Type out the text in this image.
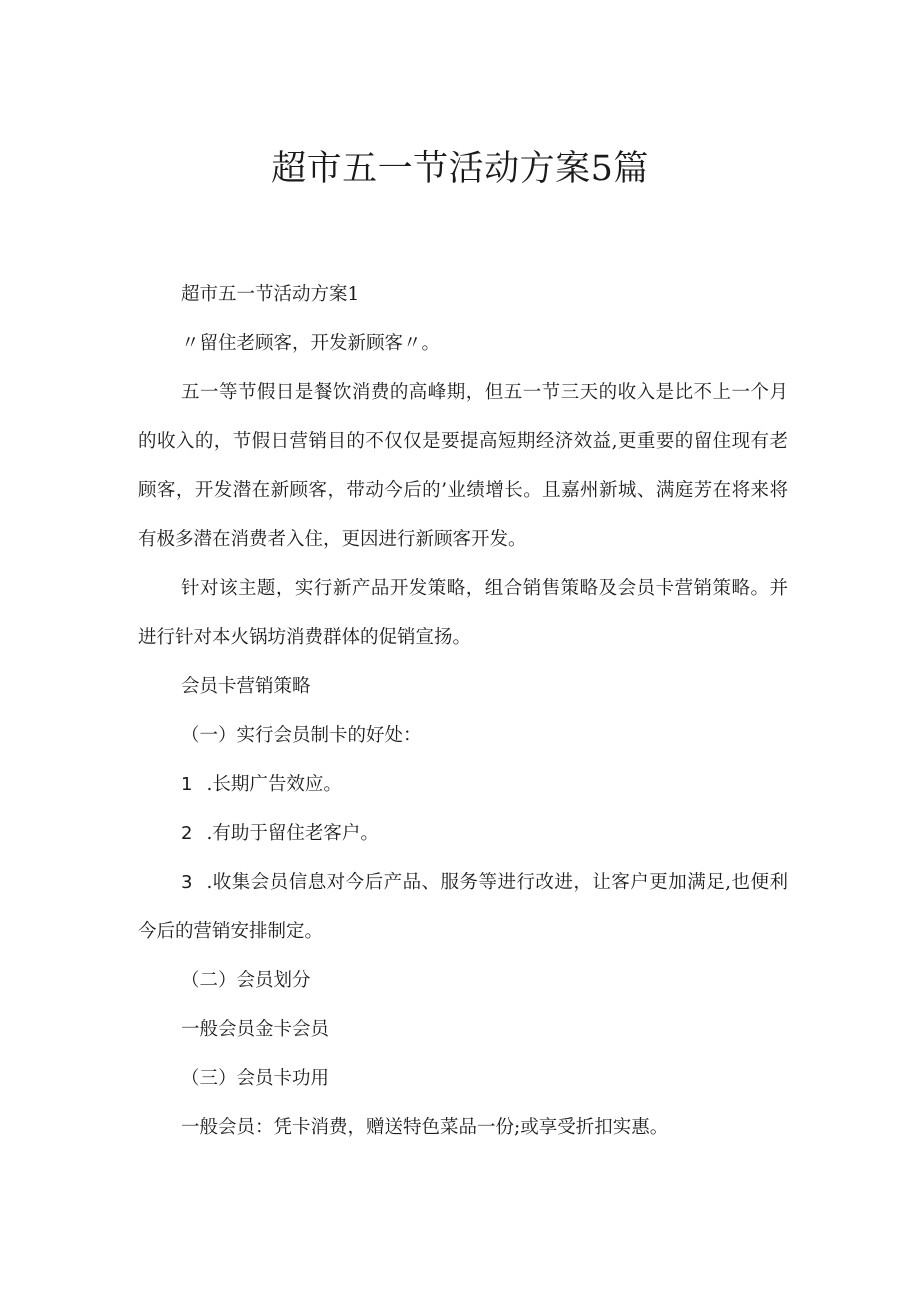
超市五一节活动方案5篇

超市五一节活动方案1

〃留住老顾客，开发新顾客〃。

五一等节假日是餐饮消费的高峰期，但五一节三天的收入是比不上一个月的收入的，节假日营销目的不仅仅是要提高短期经济效益,更重要的留住现有老顾客，开发潜在新顾客，带动今后的’业绩增长。且嘉州新城、满庭芳在将来将有极多潜在消费者入住，更因进行新顾客开发。

针对该主题，实行新产品开发策略，组合销售策略及会员卡营销策略。并进行针对本火锅坊消费群体的促销宣扬。

会员卡营销策略

（一）实行会员制卡的好处：

1 .长期广告效应。

2 .有助于留住老客户。

3 .收集会员信息对今后产品、服务等进行改进，让客户更加满足,也便利今后的营销安排制定。

（二）会员划分

一般会员金卡会员

（三）会员卡功用

一般会员：凭卡消费，赠送特色菜品一份;或享受折扣实惠。
